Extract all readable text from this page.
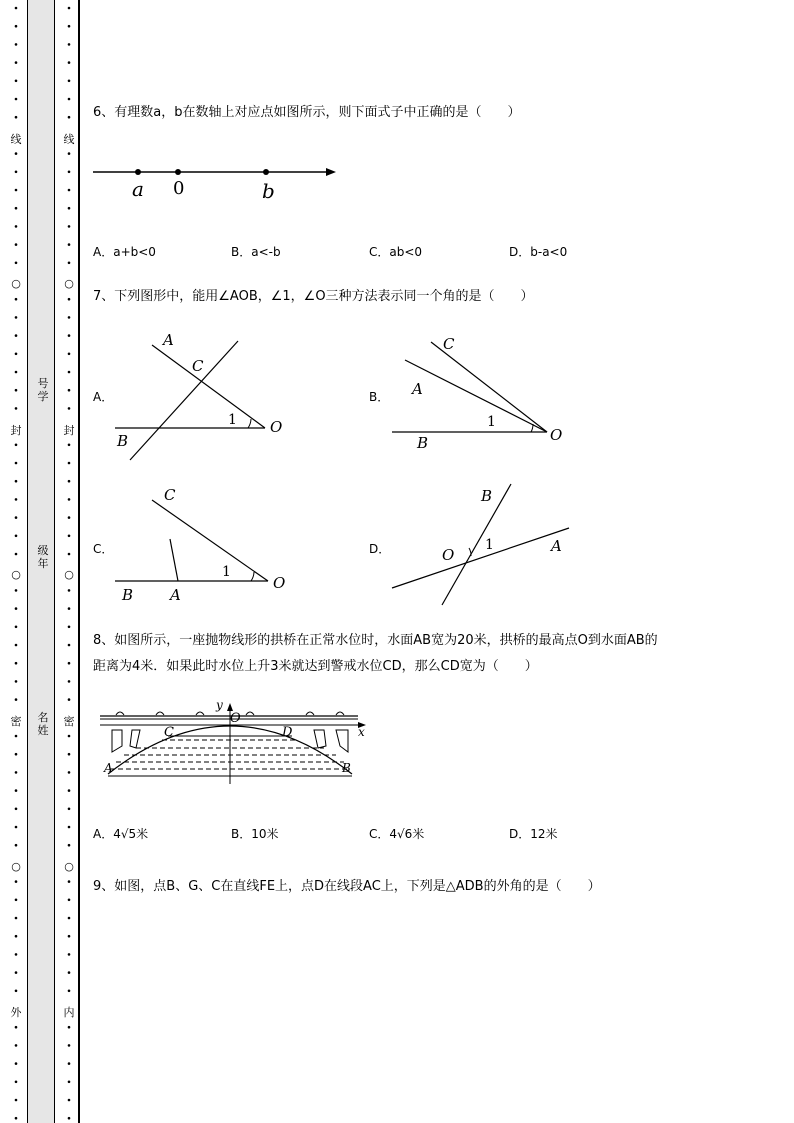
线
封
密
外
线
封
密
内
○
○
○
○
○
○
号学
级年
名姓
6、有理数a，b在数轴上对应点如图所示，则下面式子中正确的是（　　）
a 0	b
A．a+b<0	B．a<-b	C．ab<0	D．b-a<0
7、下列图形中，能用∠AOB，∠1，∠O三种方法表示同一个角的是（　　）
A．
A
C
1 O
B
B．
C
A
1
O
B
C．
C
1
O
B A
D．
B
O
1	A
8、如图所示，一座抛物线形的拱桥在正常水位时，水面AB宽为20米，拱桥的最高点O到水面AB的
距离为4米．如果此时水位上升3米就达到警戒水位CD，那么CD宽为（　　）
y
O
C	D	x
A	B
A．4√5米	B．10米	C．4√6米	D．12米
9、如图，点B、G、C在直线FE上，点D在线段AC上，下列是△ADB的外角的是（　　）
